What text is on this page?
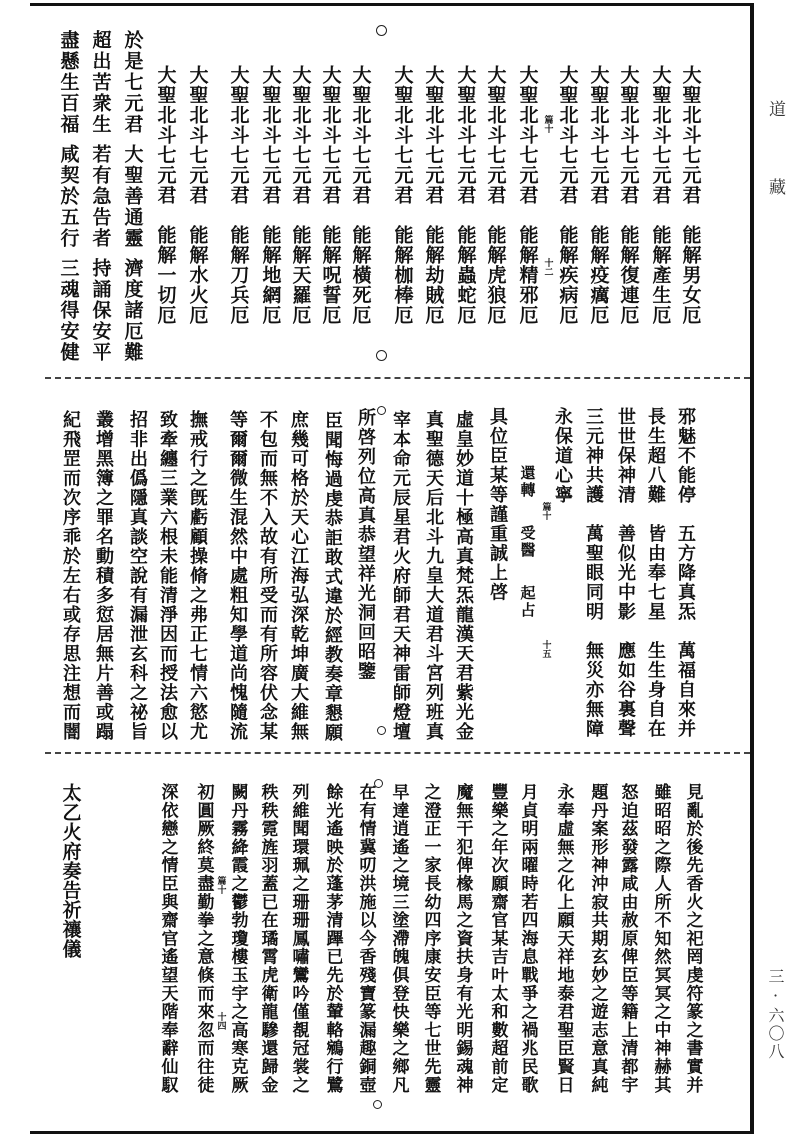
道
藏
三·六〇八
大聖北斗七元君
能解男女厄
大聖北斗七元君
能解產生厄
大聖北斗七元君
能解復連厄
大聖北斗七元君
能解疫癘厄
大聖北斗七元君
能解疾病厄
大聖北斗七元君
能解精邪厄
大聖北斗七元君
能解虎狼厄
大聖北斗七元君
能解蟲蛇厄
大聖北斗七元君
能解劫賊厄
大聖北斗七元君
能解枷棒厄
大聖北斗七元君
能解橫死厄
大聖北斗七元君
能解呪誓厄
大聖北斗七元君
能解天羅厄
大聖北斗七元君
能解地網厄
大聖北斗七元君
能解刀兵厄
大聖北斗七元君
能解水火厄
大聖北斗七元君
能解一切厄
於是七元君
大聖善通靈
濟度諸厄難
超出苦衆生
若有急告者
持誦保安平
盡懸生百福
咸契於五行
三魂得安健
篇十
十二
邪魅不能停
五方降真炁
萬福自來并
長生超八難
皆由奉七星
生生身自在
世世保神清
善似光中影
應如谷裏聲
三元神共護
萬聖眼同明
無災亦無障
永保道心寧
還轉
受醫
起占
具位臣某等謹重誠上啓
虛皇妙道十極高真梵炁龍漢天君紫光金
真聖德天后北斗九皇大道君斗宮列班真
宰本命元辰星君火府師君天神雷師燈壇
所啓列位高真恭望祥光洞回昭鑒
臣聞悔過虔恭詎敢式違於經教奏章懇願
庶幾可格於天心江海弘深乾坤廣大維無
不包而無不入故有所受而有所容伏念某
等爾爾微生混然中處粗知學道尚愧隨流
撫戒行之旣虧顧操脩之弗正七情六慾尤
致牽纏三業六根未能清淨因而授法愈以
招非出僞隱真談空說有漏泄玄科之祕旨
叢增黑簿之罪名動積多愆居無片善或蹋
紀飛罡而次序乖於左右或存思注想而闇	篇十
十五
見亂於後先香火之祀罔虔符篆之書實并
雖昭昭之際人所不知然冥冥之中神赫其
怒迫茲發露咸由赦原俾臣等籍上清都宇
題丹案形神沖寂共期玄妙之遊志意真純
永奉虛無之化上願天祥地泰君聖臣賢日
月貞明兩曜時若四海息戰爭之禍兆民歌
豐樂之年次願齋官某吉叶太和數超前定
魔無干犯俾椽馬之資扶身有光明錫魂神
之澄正一家長幼四序康安臣等七世先靈
早達逍遙之境三塗滯魄俱登快樂之鄉凡
在有情冀叨洪施以今香殘寶篆漏趣銅壺
餘光遙映於蓬茅清蹕已先於輦輅鵷行鷺
列維聞環珮之珊珊鳳嘯鸞吟僅覩冠裳之
秩秩霓旌羽蓋已在璚霄虎衛龍驂還歸金
闕丹霧絳霞之鬱勃瓊樓玉宇之高寒克厥
初圓厥終莫盡勤拳之意倏而來忽而往徒
深依戀之情臣與齋官遙望天階奉辭仙馭
太乙火府奏告祈禳儀	篇十
十四
